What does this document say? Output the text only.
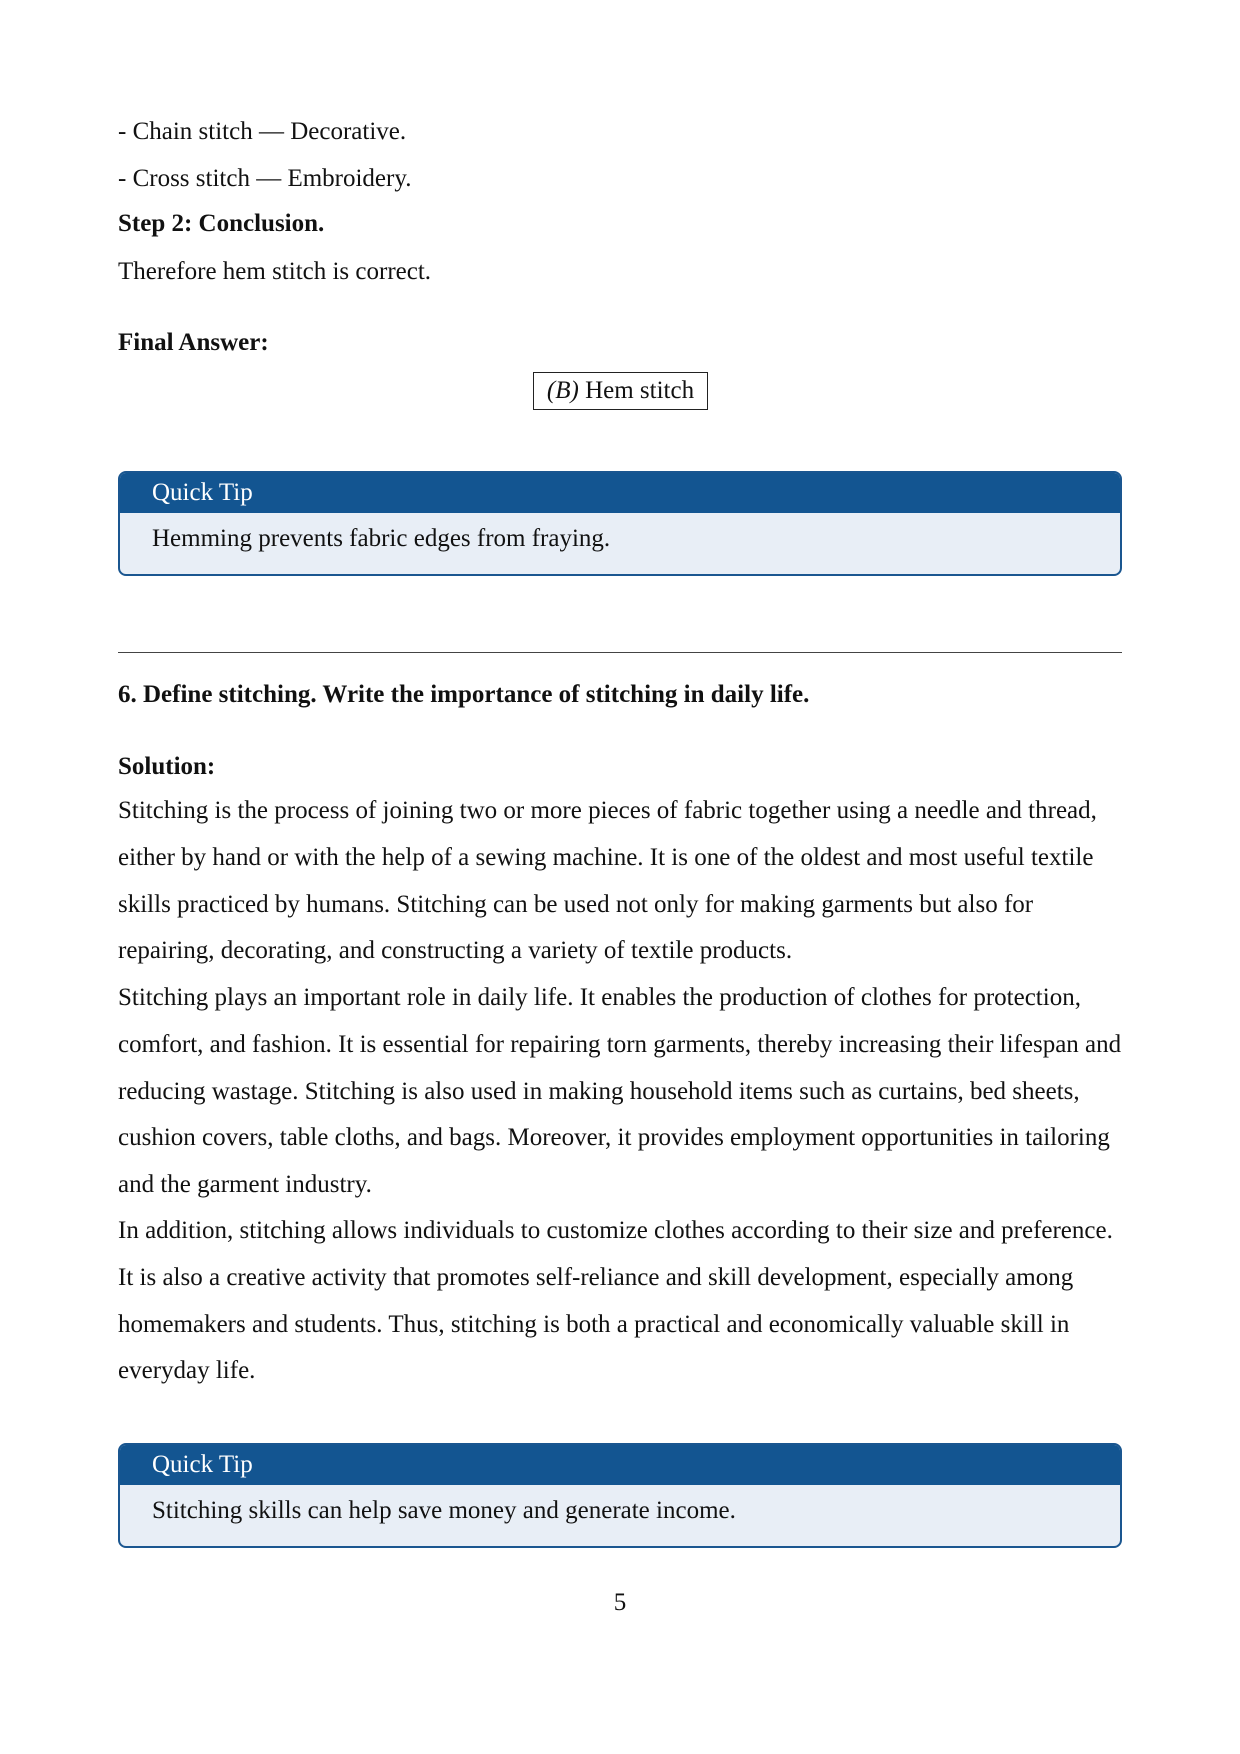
- Chain stitch — Decorative.
- Cross stitch — Embroidery.
Step 2: Conclusion.
Therefore hem stitch is correct.
Final Answer:
(B) Hem stitch
Quick Tip
Hemming prevents fabric edges from fraying.
6. Define stitching. Write the importance of stitching in daily life.
Solution:
Stitching is the process of joining two or more pieces of fabric together using a needle and thread, either by hand or with the help of a sewing machine. It is one of the oldest and most useful textile skills practiced by humans. Stitching can be used not only for making garments but also for repairing, decorating, and constructing a variety of textile products.
Stitching plays an important role in daily life. It enables the production of clothes for protection, comfort, and fashion. It is essential for repairing torn garments, thereby increasing their lifespan and reducing wastage. Stitching is also used in making household items such as curtains, bed sheets, cushion covers, table cloths, and bags. Moreover, it provides employment opportunities in tailoring and the garment industry.
In addition, stitching allows individuals to customize clothes according to their size and preference. It is also a creative activity that promotes self-reliance and skill development, especially among homemakers and students. Thus, stitching is both a practical and economically valuable skill in everyday life.
Quick Tip
Stitching skills can help save money and generate income.
5
